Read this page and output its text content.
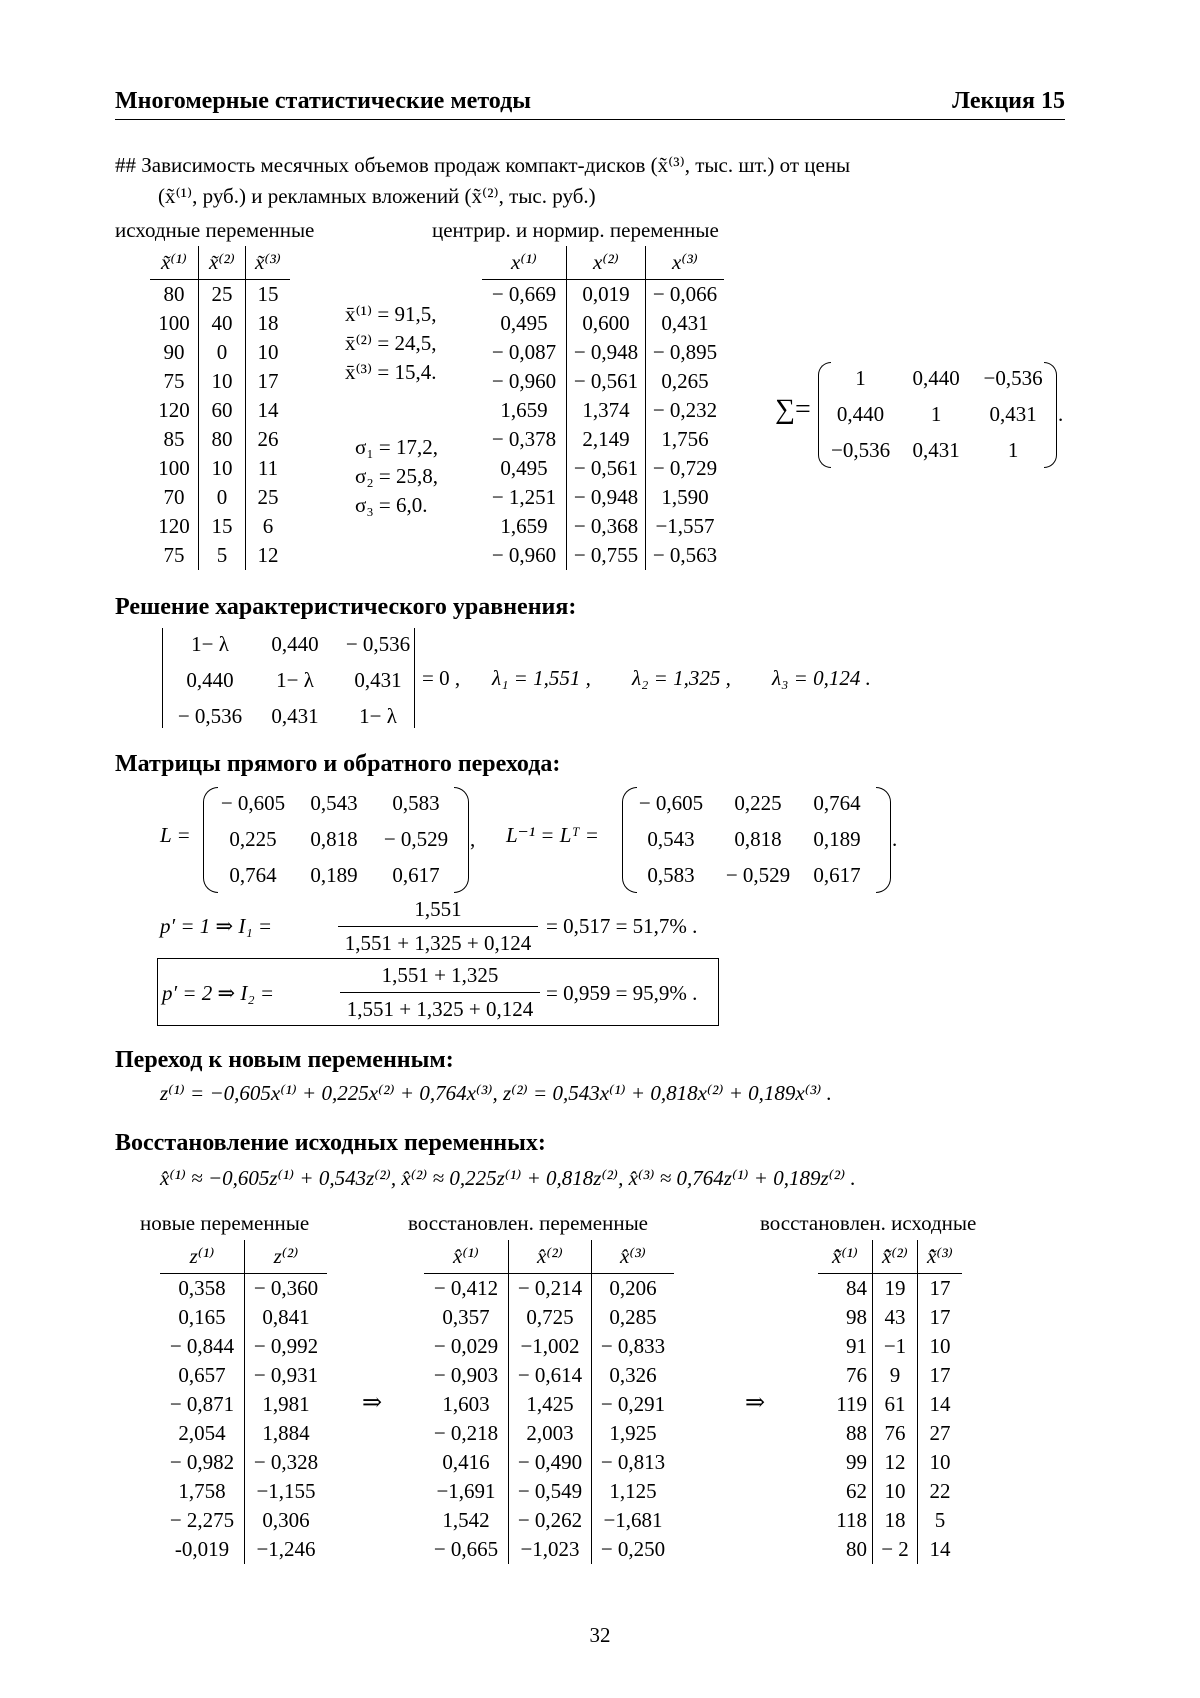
Многомерные статистические методы	Лекция 15
## Зависимость месячных объемов продаж компакт-дисков (x̃⁽³⁾, тыс. шт.) от цены
(x̃⁽¹⁾, руб.) и рекламных вложений (x̃⁽²⁾, тыс. руб.)
исходные переменные	центрир. и нормир. переменные
x̃⁽¹⁾	x̃⁽²⁾	x̃⁽³⁾
80	25	15
100	40	18
90	0	10
75	10	17
120	60	14
85	80	26
100	10	11
70	0	25
120	15	6
75	5	12
x̄⁽¹⁾ = 91,5,
x̄⁽²⁾ = 24,5,
x̄⁽³⁾ = 15,4.
σ₁ = 17,2,
σ₂ = 25,8,
σ₃ = 6,0.
x⁽¹⁾	x⁽²⁾	x⁽³⁾
− 0,669	0,019	− 0,066
0,495	0,600	0,431
− 0,087	− 0,948	− 0,895
− 0,960	− 0,561	0,265
1,659	1,374	− 0,232
− 0,378	2,149	1,756
0,495	− 0,561	− 0,729
− 1,251	− 0,948	1,590
1,659	− 0,368	−1,557
− 0,960	− 0,755	− 0,563
∑=
1	0,440	−0,536
0,440	1	0,431
−0,536	0,431	1
.
Решение характеристического уравнения:
1− λ	0,440	− 0,536
0,440	1− λ	0,431
− 0,536	0,431	1− λ
= 0 , λ₁ = 1,551 , λ₂ = 1,325 , λ₃ = 0,124 .
Матрицы прямого и обратного перехода:
L =
− 0,605	0,543	0,583
0,225	0,818	− 0,529
0,764	0,189	0,617
, L⁻¹ = Lᵀ =
− 0,605	0,225	0,764
0,543	0,818	0,189
0,583	− 0,529	0,617
.
p′ = 1 ⇒ I₁ =
1,551
1,551 + 1,325 + 0,124
= 0,517 = 51,7% .
p′ = 2 ⇒ I₂ =
1,551 + 1,325
1,551 + 1,325 + 0,124
= 0,959 = 95,9% .
Переход к новым переменным:
z⁽¹⁾ = −0,605x⁽¹⁾ + 0,225x⁽²⁾ + 0,764x⁽³⁾, z⁽²⁾ = 0,543x⁽¹⁾ + 0,818x⁽²⁾ + 0,189x⁽³⁾ .
Восстановление исходных переменных:
x̂⁽¹⁾ ≈ −0,605z⁽¹⁾ + 0,543z⁽²⁾, x̂⁽²⁾ ≈ 0,225z⁽¹⁾ + 0,818z⁽²⁾, x̂⁽³⁾ ≈ 0,764z⁽¹⁾ + 0,189z⁽²⁾ .
новые переменные	восстановлен. переменные	восстановлен. исходные
z⁽¹⁾	z⁽²⁾
0,358	− 0,360
0,165	0,841
− 0,844	− 0,992
0,657	− 0,931
− 0,871	1,981
2,054	1,884
− 0,982	− 0,328
1,758	−1,155
− 2,275	0,306
-0,019	−1,246
⇒
x̂⁽¹⁾	x̂⁽²⁾	x̂⁽³⁾
− 0,412	− 0,214	0,206
0,357	0,725	0,285
− 0,029	−1,002	− 0,833
− 0,903	− 0,614	0,326
1,603	1,425	− 0,291
− 0,218	2,003	1,925
0,416	− 0,490	− 0,813
−1,691	− 0,549	1,125
1,542	− 0,262	−1,681
− 0,665	−1,023	− 0,250
⇒
x̃̂⁽¹⁾	x̃̂⁽²⁾	x̃̂⁽³⁾
84	19	17
98	43	17
91	−1	10
76	9	17
119	61	14
88	76	27
99	12	10
62	10	22
118	18	5
80	− 2	14
32
